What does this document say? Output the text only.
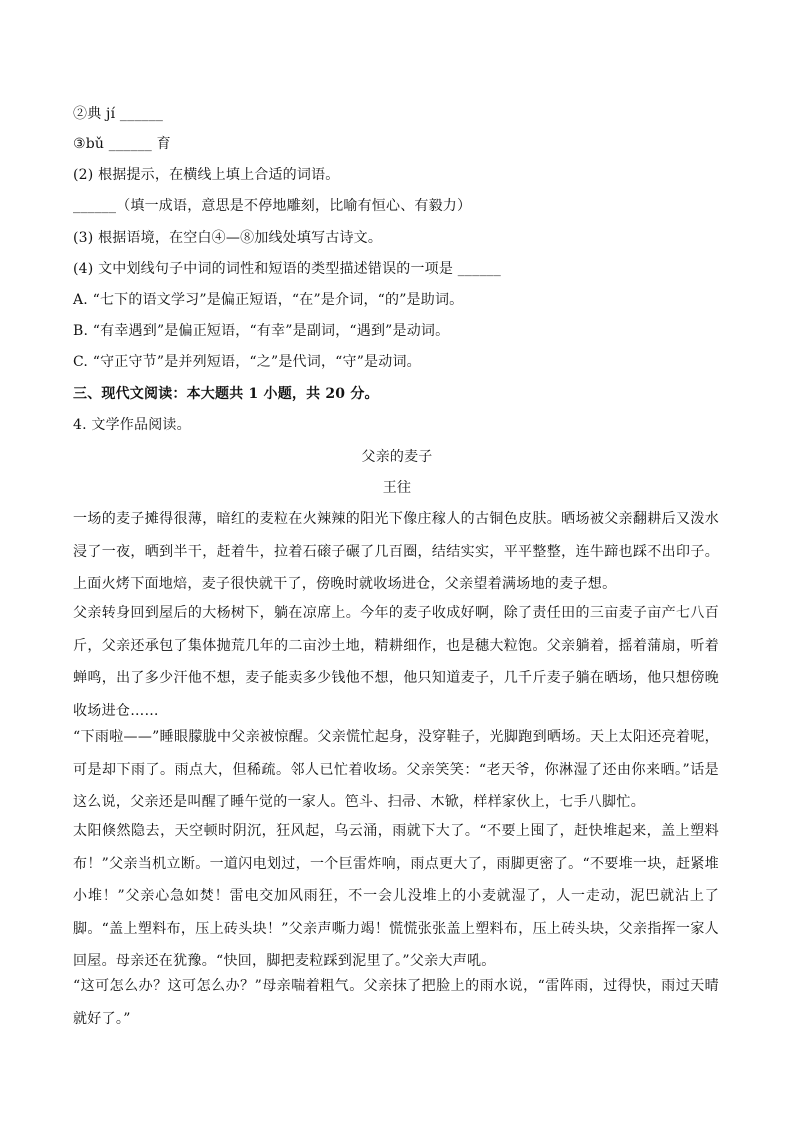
②典 jí ______
③bǔ ______ 育
(2) 根据提示，在横线上填上合适的词语。
______（填一成语，意思是不停地雕刻，比喻有恒心、有毅力）
(3) 根据语境，在空白④—⑧加线处填写古诗文。
(4) 文中划线句子中词的词性和短语的类型描述错误的一项是 ______
A. “七下的语文学习”是偏正短语，“在”是介词，“的”是助词。
B. “有幸遇到”是偏正短语，“有幸”是副词，“遇到”是动词。
C. “守正守节”是并列短语，“之”是代词，“守”是动词。
三、现代文阅读：本大题共 1 小题，共 20 分。
4. 文学作品阅读。
父亲的麦子
王往
一场的麦子摊得很薄，暗红的麦粒在火辣辣的阳光下像庄稼人的古铜色皮肤。晒场被父亲翻耕后又泼水浸了一夜，晒到半干，赶着牛，拉着石磙子碾了几百圈，结结实实，平平整整，连牛蹄也踩不出印子。上面火烤下面地焙，麦子很快就干了，傍晚时就收场进仓，父亲望着满场地的麦子想。
父亲转身回到屋后的大杨树下，躺在凉席上。今年的麦子收成好啊，除了责任田的三亩麦子亩产七八百斤，父亲还承包了集体抛荒几年的二亩沙土地，精耕细作，也是穗大粒饱。父亲躺着，摇着蒲扇，听着蝉鸣，出了多少汗他不想，麦子能卖多少钱他不想，他只知道麦子，几千斤麦子躺在晒场，他只想傍晚收场进仓……
“下雨啦——”睡眼朦胧中父亲被惊醒。父亲慌忙起身，没穿鞋子，光脚跑到晒场。天上太阳还亮着呢，可是却下雨了。雨点大，但稀疏。邻人已忙着收场。父亲笑笑：“老天爷，你淋湿了还由你来晒。”话是这么说，父亲还是叫醒了睡午觉的一家人。笆斗、扫帚、木锨，样样家伙上，七手八脚忙。
太阳倏然隐去，天空顿时阴沉，狂风起，乌云涌，雨就下大了。“不要上囤了，赶快堆起来，盖上塑料布！”父亲当机立断。一道闪电划过，一个巨雷炸响，雨点更大了，雨脚更密了。“不要堆一块，赶紧堆小堆！”父亲心急如焚！雷电交加风雨狂，不一会儿没堆上的小麦就湿了，人一走动，泥巴就沾上了脚。“盖上塑料布，压上砖头块！”父亲声嘶力竭！慌慌张张盖上塑料布，压上砖头块，父亲指挥一家人回屋。母亲还在犹豫。“快回，脚把麦粒踩到泥里了。”父亲大声吼。
“这可怎么办？这可怎么办？”母亲喘着粗气。父亲抹了把脸上的雨水说，“雷阵雨，过得快，雨过天晴就好了。”
